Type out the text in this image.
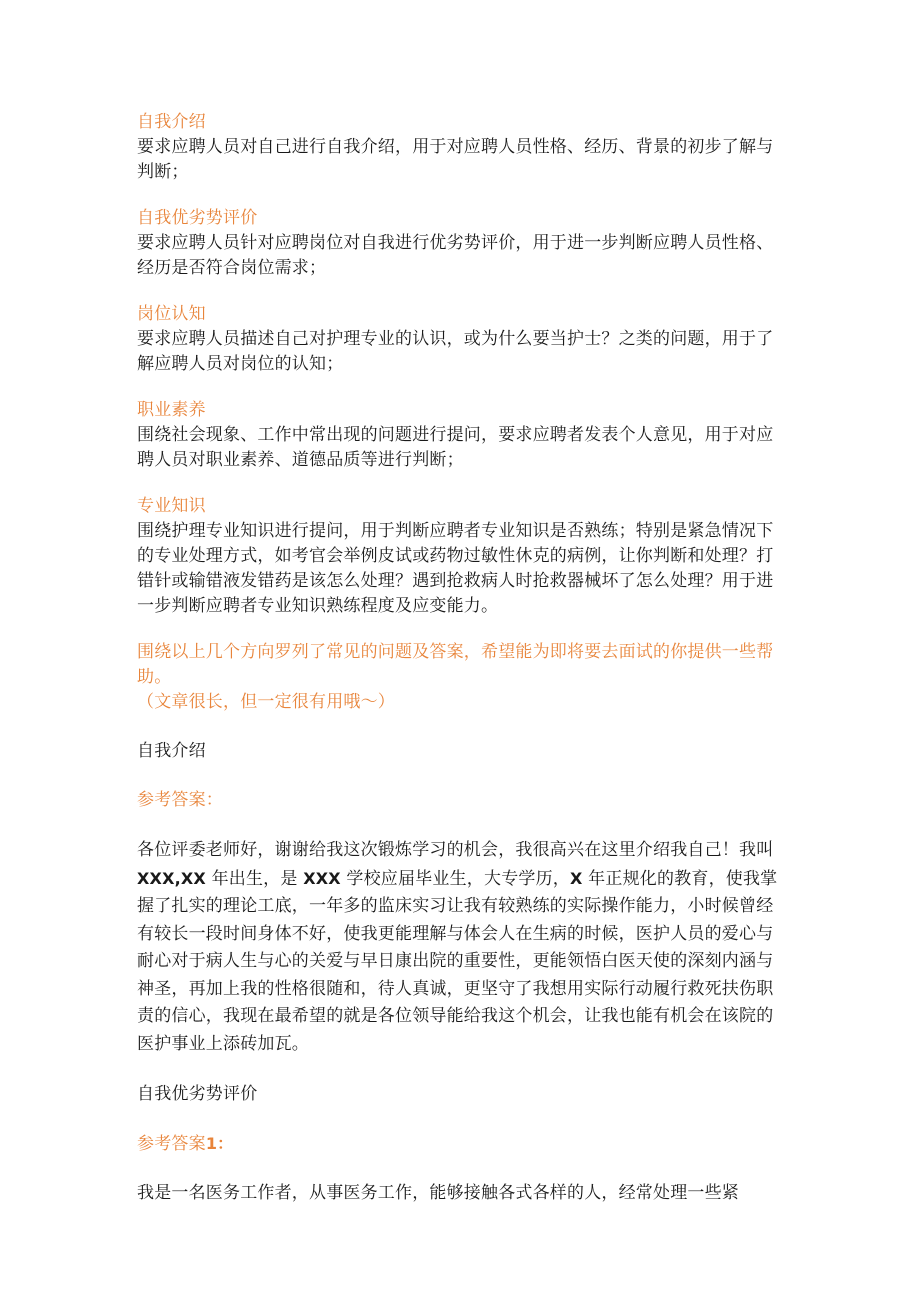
自我介绍

要求应聘人员对自己进行自我介绍，用于对应聘人员性格、经历、背景的初步了解与判断；

自我优劣势评价

要求应聘人员针对应聘岗位对自我进行优劣势评价，用于进一步判断应聘人员性格、经历是否符合岗位需求；

岗位认知

要求应聘人员描述自己对护理专业的认识，或为什么要当护士？之类的问题，用于了解应聘人员对岗位的认知；

职业素养

围绕社会现象、工作中常出现的问题进行提问，要求应聘者发表个人意见，用于对应聘人员对职业素养、道德品质等进行判断；

专业知识

围绕护理专业知识进行提问，用于判断应聘者专业知识是否熟练；特别是紧急情况下的专业处理方式，如考官会举例皮试或药物过敏性休克的病例，让你判断和处理？打错针或输错液发错药是该怎么处理？遇到抢救病人时抢救器械坏了怎么处理？用于进一步判断应聘者专业知识熟练程度及应变能力。

围绕以上几个方向罗列了常见的问题及答案，希望能为即将要去面试的你提供一些帮助。

（文章很长，但一定很有用哦～）

自我介绍

参考答案：

各位评委老师好，谢谢给我这次锻炼学习的机会，我很高兴在这里介绍我自己！我叫 XXX,XX 年出生，是 XXX 学校应届毕业生，大专学历，X 年正规化的教育，使我掌握了扎实的理论工底，一年多的监床实习让我有较熟练的实际操作能力，小时候曾经有较长一段时间身体不好，使我更能理解与体会人在生病的时候，医护人员的爱心与耐心对于病人生与心的关爱与早日康出院的重要性，更能领悟白医天使的深刻内涵与神圣，再加上我的性格很随和，待人真诚，更坚守了我想用实际行动履行救死扶伤职责的信心，我现在最希望的就是各位领导能给我这个机会，让我也能有机会在该院的医护事业上添砖加瓦。

自我优劣势评价

参考答案1：

我是一名医务工作者，从事医务工作，能够接触各式各样的人，经常处理一些紧
